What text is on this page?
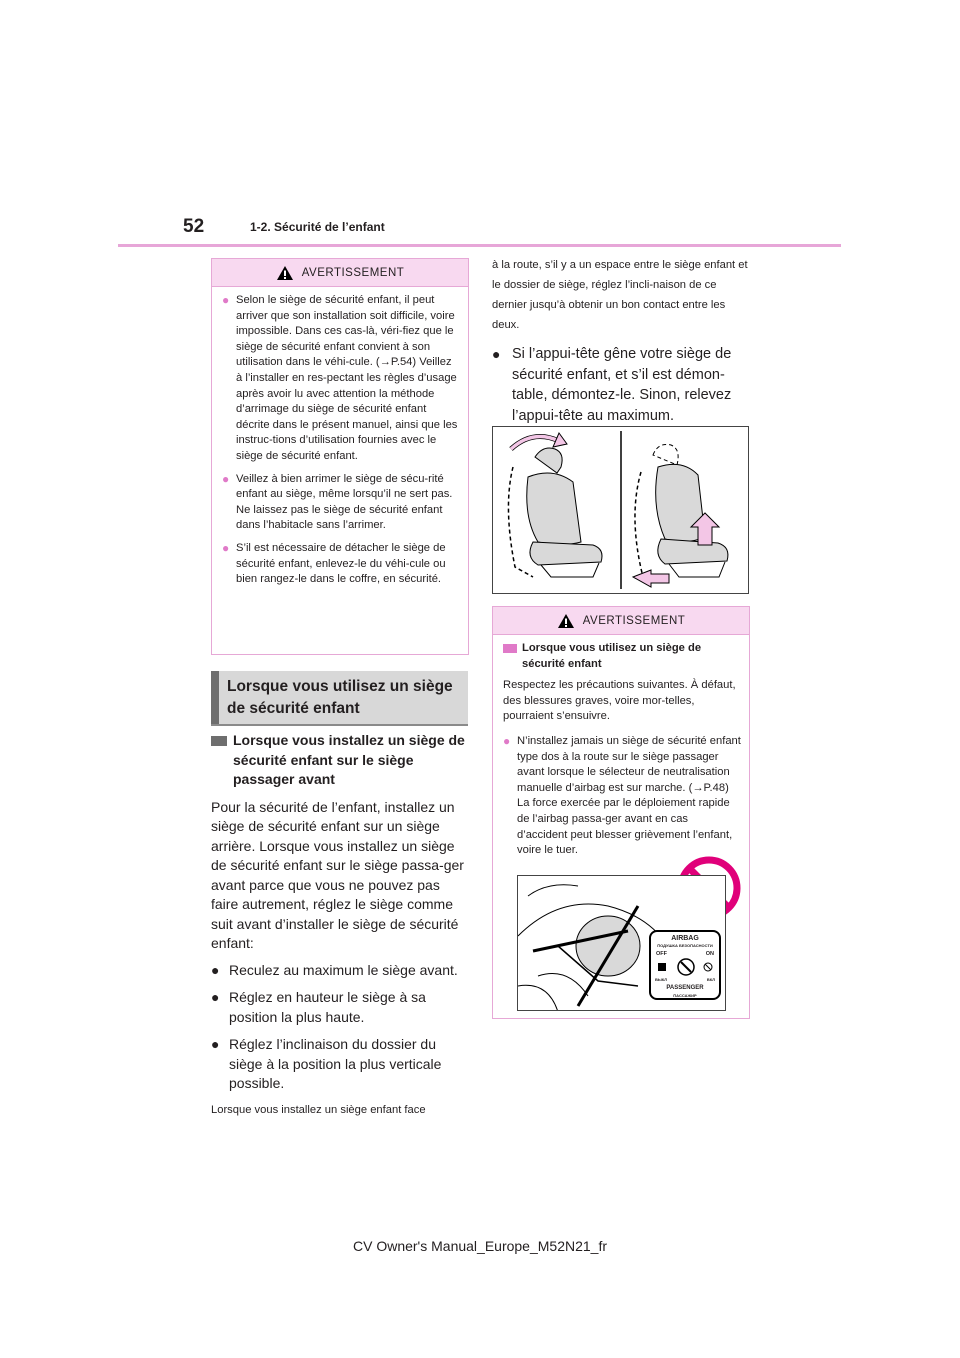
52	1-2. Sécurité de l’enfant
AVERTISSEMENT
● Selon le siège de sécurité enfant, il peut arriver que son installation soit difficile, voire impossible. Dans ces cas-là, véri-fiez que le siège de sécurité enfant convient à son utilisation dans le véhi-cule. (→P.54) Veillez à l’installer en res-pectant les règles d’usage après avoir lu avec attention la méthode d’arrimage du siège de sécurité enfant décrite dans le présent manuel, ainsi que les instruc-tions d’utilisation fournies avec le siège de sécurité enfant.
● Veillez à bien arrimer le siège de sécu-rité enfant au siège, même lorsqu’il ne sert pas. Ne laissez pas le siège de sécurité enfant dans l’habitacle sans l’arrimer.
● S’il est nécessaire de détacher le siège de sécurité enfant, enlevez-le du véhi-cule ou bien rangez-le dans le coffre, en sécurité.
Lorsque vous utilisez un siège de sécurité enfant
Lorsque vous installez un siège de sécurité enfant sur le siège passager avant
Pour la sécurité de l’enfant, installez un siège de sécurité enfant sur un siège arrière. Lorsque vous installez un siège de sécurité enfant sur le siège passa-ger avant parce que vous ne pouvez pas faire autrement, réglez le siège comme suit avant d’installer le siège de sécurité enfant:
● Reculez au maximum le siège avant.
● Réglez en hauteur le siège à sa position la plus haute.
● Réglez l’inclinaison du dossier du siège à la position la plus verticale possible.
Lorsque vous installez un siège enfant face
à la route, s’il y a un espace entre le siège enfant et le dossier de siège, réglez l’incli-naison de ce dernier jusqu’à obtenir un bon contact entre les deux.
● Si l’appui-tête gêne votre siège de sécurité enfant, et s’il est démon-table, démontez-le. Sinon, relevez l’appui-tête au maximum.
AVERTISSEMENT
Lorsque vous utilisez un siège de sécurité enfant
Respectez les précautions suivantes. À défaut, des blessures graves, voire mor-telles, pourraient s’ensuivre.
● N’installez jamais un siège de sécurité enfant type dos à la route sur le siège passager avant lorsque le sélecteur de neutralisation manuelle d’airbag est sur marche. (→P.48) La force exercée par le déploiement rapide de l’airbag passa-ger avant en cas d’accident peut blesser grièvement l’enfant, voire le tuer.
AIRBAG
ПОДУШКА БЕЗОПАСНОСТИ
OFF	ON
ВЫКЛ	ВКЛ
PASSENGER
ПАССАЖИР
CV Owner's Manual_Europe_M52N21_fr
